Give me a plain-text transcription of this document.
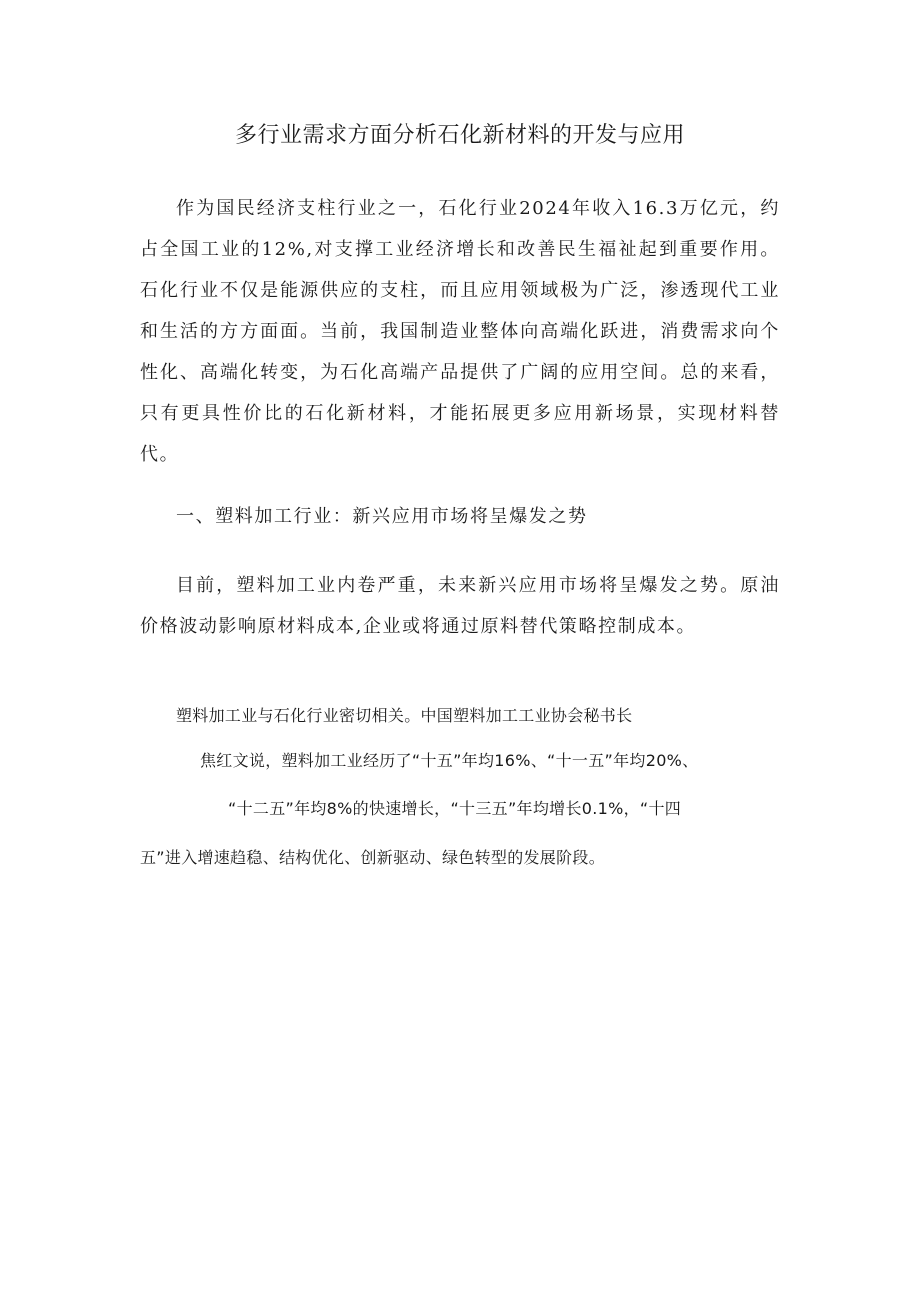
多行业需求方面分析石化新材料的开发与应用

作为国民经济支柱行业之一，石化行业2024年收入16.3万亿元，约占全国工业的12%,对支撑工业经济增长和改善民生福祉起到重要作用。石化行业不仅是能源供应的支柱，而且应用领域极为广泛，渗透现代工业和生活的方方面面。当前，我国制造业整体向高端化跃进，消费需求向个性化、高端化转变，为石化高端产品提供了广阔的应用空间。总的来看，只有更具性价比的石化新材料，才能拓展更多应用新场景，实现材料替代。

一、塑料加工行业：新兴应用市场将呈爆发之势

目前，塑料加工业内卷严重，未来新兴应用市场将呈爆发之势。原油价格波动影响原材料成本,企业或将通过原料替代策略控制成本。

塑料加工业与石化行业密切相关。中国塑料加工工业协会秘书长

焦红文说，塑料加工业经历了“十五”年均16%、“十一五”年均20%、

“十二五”年均8%的快速增长，“十三五”年均增长0.1%，“十四

五”进入增速趋稳、结构优化、创新驱动、绿色转型的发展阶段。
